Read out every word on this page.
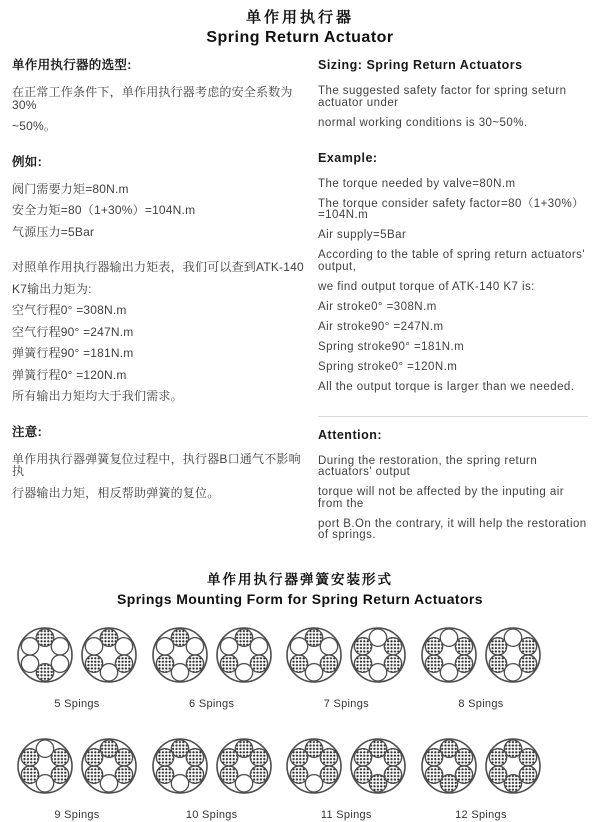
单作用执行器
Spring Return Actuator
单作用执行器的选型:
在正常工作条件下，单作用执行器考虑的安全系数为30%
~50%。
例如:
阀门需要力矩=80N.m
安全力矩=80（1+30%）=104N.m
气源压力=5Bar
对照单作用执行器输出力矩表，我们可以查到ATK-140
K7输出力矩为:
空气行程0° =308N.m
空气行程90° =247N.m
弹簧行程90° =181N.m
弹簧行程0° =120N.m
所有输出力矩均大于我们需求。
注意:
单作用执行器弹簧复位过程中，执行器B口通气不影响执
行器输出力矩，相反帮助弹簧的复位。
Sizing: Spring Return Actuators
The suggested safety factor for spring seturn actuator under
normal working conditions is 30~50%.
Example:
The torque needed by valve=80N.m
The torque consider safety factor=80（1+30%）=104N.m
Air supply=5Bar
According to the table of spring return actuators' output,
we find output torque of ATK-140 K7 is:
Air stroke0° =308N.m
Air stroke90° =247N.m
Spring stroke90° =181N.m
Spring stroke0° =120N.m
All the output torque is larger than we needed.
Attention:
During the restoration, the spring return actuators' output
torque will not be affected by the inputing air from the
port B.On the contrary, it will help the restoration of springs.
单作用执行器弹簧安装形式
Springs Mounting Form for Spring Return Actuators
5 Spings	6 Spings	7 Spings	8 Spings
9 Spings	10 Spings	11 Spings	12 Spings
